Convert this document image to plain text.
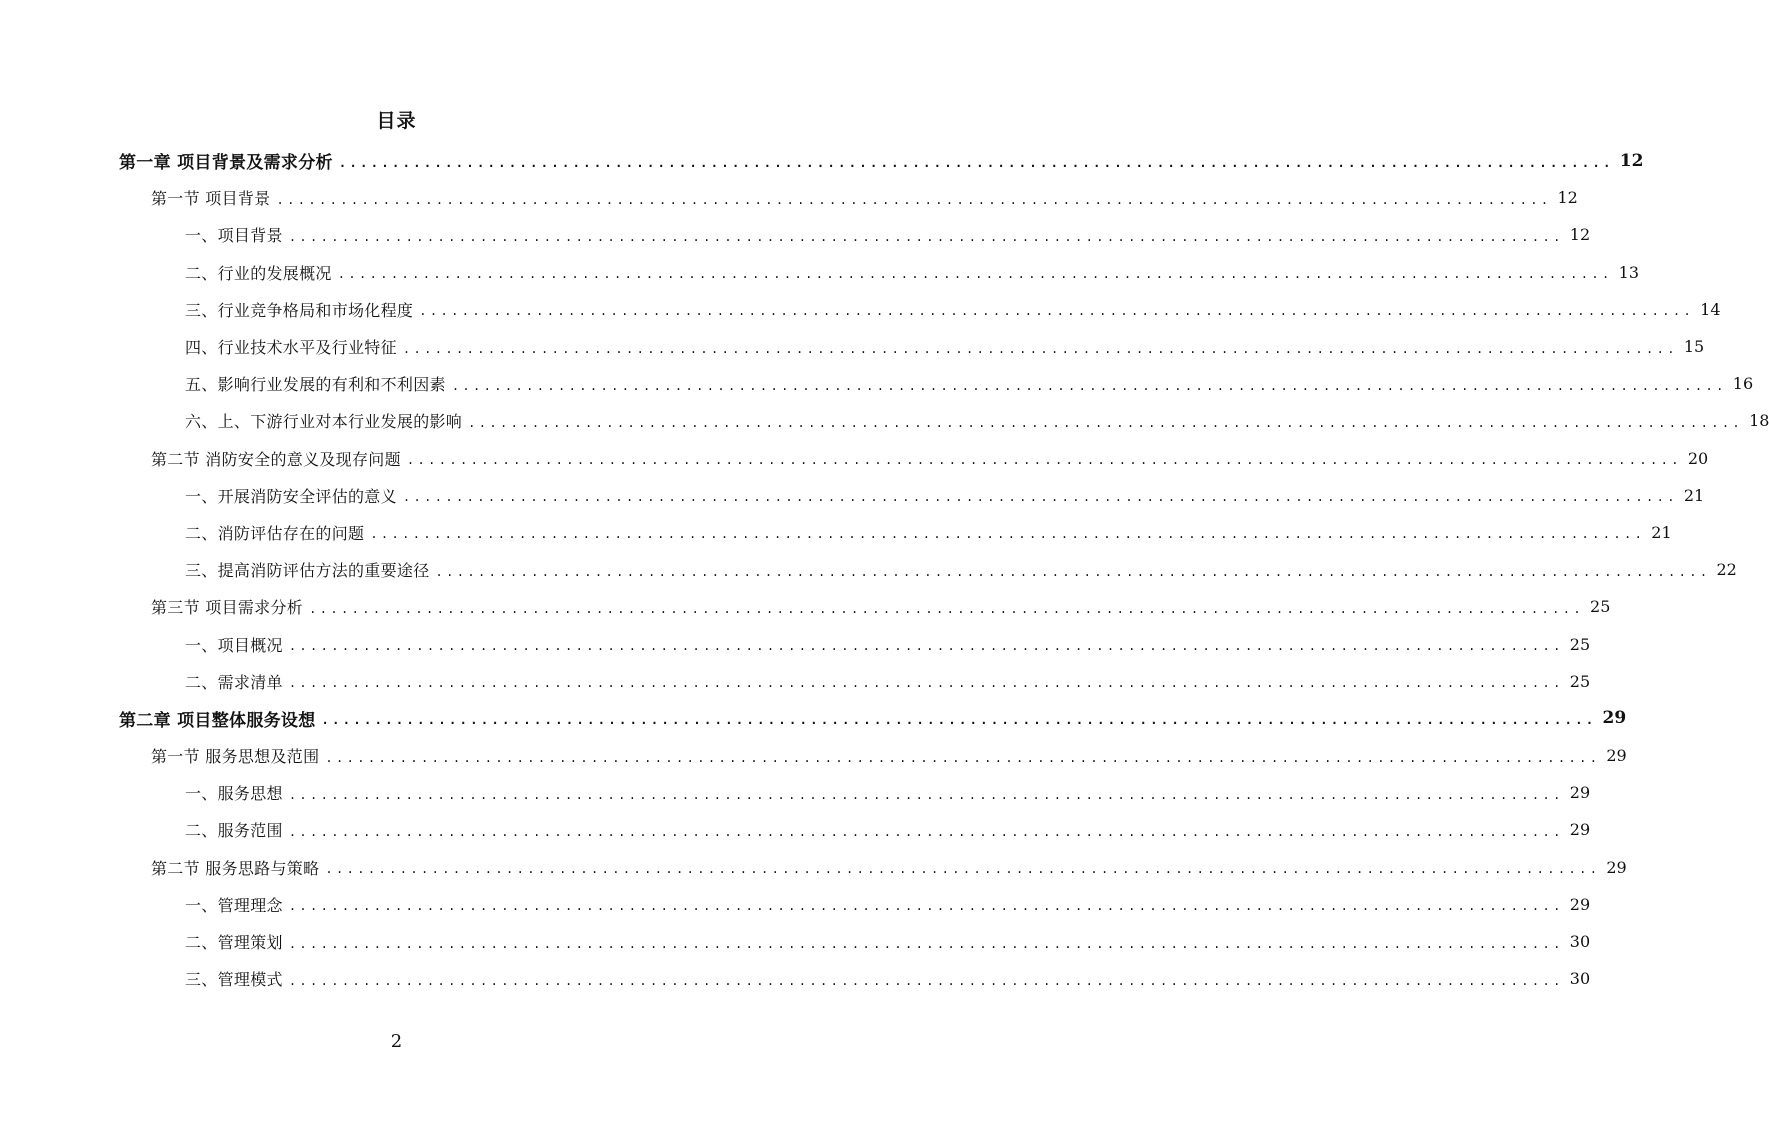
目录
第一章 项目背景及需求分析 ........................................................................................................................ 12
第一节 项目背景 ........................................................................................................................ 12
一、项目背景 ........................................................................................................................ 12
二、行业的发展概况 ........................................................................................................................ 13
三、行业竞争格局和市场化程度 ........................................................................................................................ 14
四、行业技术水平及行业特征 ........................................................................................................................ 15
五、影响行业发展的有利和不利因素 ........................................................................................................................ 16
六、上、下游行业对本行业发展的影响 ........................................................................................................................ 18
第二节 消防安全的意义及现存问题 ........................................................................................................................ 20
一、开展消防安全评估的意义 ........................................................................................................................ 21
二、消防评估存在的问题 ........................................................................................................................ 21
三、提高消防评估方法的重要途径 ........................................................................................................................ 22
第三节 项目需求分析 ........................................................................................................................ 25
一、项目概况 ........................................................................................................................ 25
二、需求清单 ........................................................................................................................ 25
第二章 项目整体服务设想 ........................................................................................................................ 29
第一节 服务思想及范围 ........................................................................................................................ 29
一、服务思想 ........................................................................................................................ 29
二、服务范围 ........................................................................................................................ 29
第二节 服务思路与策略 ........................................................................................................................ 29
一、管理理念 ........................................................................................................................ 29
二、管理策划 ........................................................................................................................ 30
三、管理模式 ........................................................................................................................ 30
2
